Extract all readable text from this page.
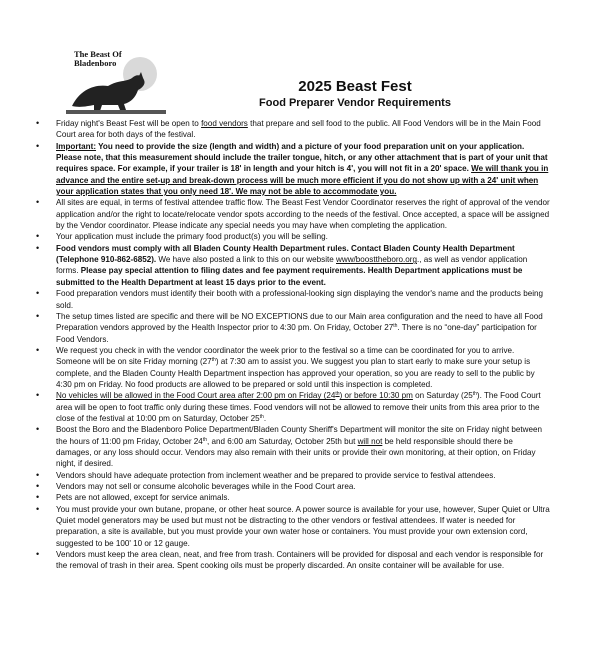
The Beast Of
Bladenboro
2025 Beast Fest
Food Preparer Vendor Requirements
• Friday night's Beast Fest will be open to food vendors that prepare and sell food to the public. All Food Vendors will be in the Main Food Court area for both days of the festival.
• Important: You need to provide the size (length and width) and a picture of your food preparation unit on your application. Please note, that this measurement should include the trailer tongue, hitch, or any other attachment that is part of your unit that requires space. For example, if your trailer is 18' in length and your hitch is 4', you will not fit in a 20' space. We will thank you in advance and the entire set-up and break-down process will be much more efficient if you do not show up with a 24' unit when your application states that you only need 18'. We may not be able to accommodate you.
• All sites are equal, in terms of festival attendee traffic flow. The Beast Fest Vendor Coordinator reserves the right of approval of the vendor application and/or the right to locate/relocate vendor spots according to the needs of the festival. Once accepted, a space will be assigned by the Vendor coordinator. Please indicate any special needs you may have when completing the application.
• Your application must include the primary food product(s) you will be selling.
• Food vendors must comply with all Bladen County Health Department rules. Contact Bladen County Health Department (Telephone 910-862-6852). We have also posted a link to this on our website www/boosttheboro.org., as well as vendor application forms. Please pay special attention to filing dates and fee payment requirements. Health Department applications must be submitted to the Health Department at least 15 days prior to the event.
• Food preparation vendors must identify their booth with a professional-looking sign displaying the vendor's name and the products being sold.
• The setup times listed are specific and there will be NO EXCEPTIONS due to our Main area configuration and the need to have all Food Preparation vendors approved by the Health Inspector prior to 4:30 pm. On Friday, October 27th. There is no “one-day” participation for Food Vendors.
• We request you check in with the vendor coordinator the week prior to the festival so a time can be coordinated for you to arrive. Someone will be on site Friday morning (27th) at 7:30 am to assist you. We suggest you plan to start early to make sure your setup is complete, and the Bladen County Health Department inspection has approved your operation, so you are ready to sell to the public by 4:30 pm on Friday. No food products are allowed to be prepared or sold until this inspection is completed.
• No vehicles will be allowed in the Food Court area after 2:00 pm on Friday (24th) or before 10:30 pm on Saturday (25th). The Food Court area will be open to foot traffic only during these times. Food vendors will not be allowed to remove their units from this area prior to the close of the festival at 10:00 pm on Saturday, October 25th.
• Boost the Boro and the Bladenboro Police Department/Bladen County Sheriff's Department will monitor the site on Friday night between the hours of 11:00 pm Friday, October 24th, and 6:00 am Saturday, October 25th but will not be held responsible should there be damages, or any loss should occur. Vendors may also remain with their units or provide their own monitoring, at their option, on Friday night, if desired.
• Vendors should have adequate protection from inclement weather and be prepared to provide service to festival attendees.
• Vendors may not sell or consume alcoholic beverages while in the Food Court area.
• Pets are not allowed, except for service animals.
• You must provide your own butane, propane, or other heat source. A power source is available for your use, however, Super Quiet or Ultra Quiet model generators may be used but must not be distracting to the other vendors or festival attendees. If water is needed for preparation, a site is available, but you must provide your own water hose or containers. You must provide your own extension cord, suggested to be 100' 10 or 12 gauge.
• Vendors must keep the area clean, neat, and free from trash. Containers will be provided for disposal and each vendor is responsible for the removal of trash in their area. Spent cooking oils must be properly discarded. An onsite container will be available for use.
